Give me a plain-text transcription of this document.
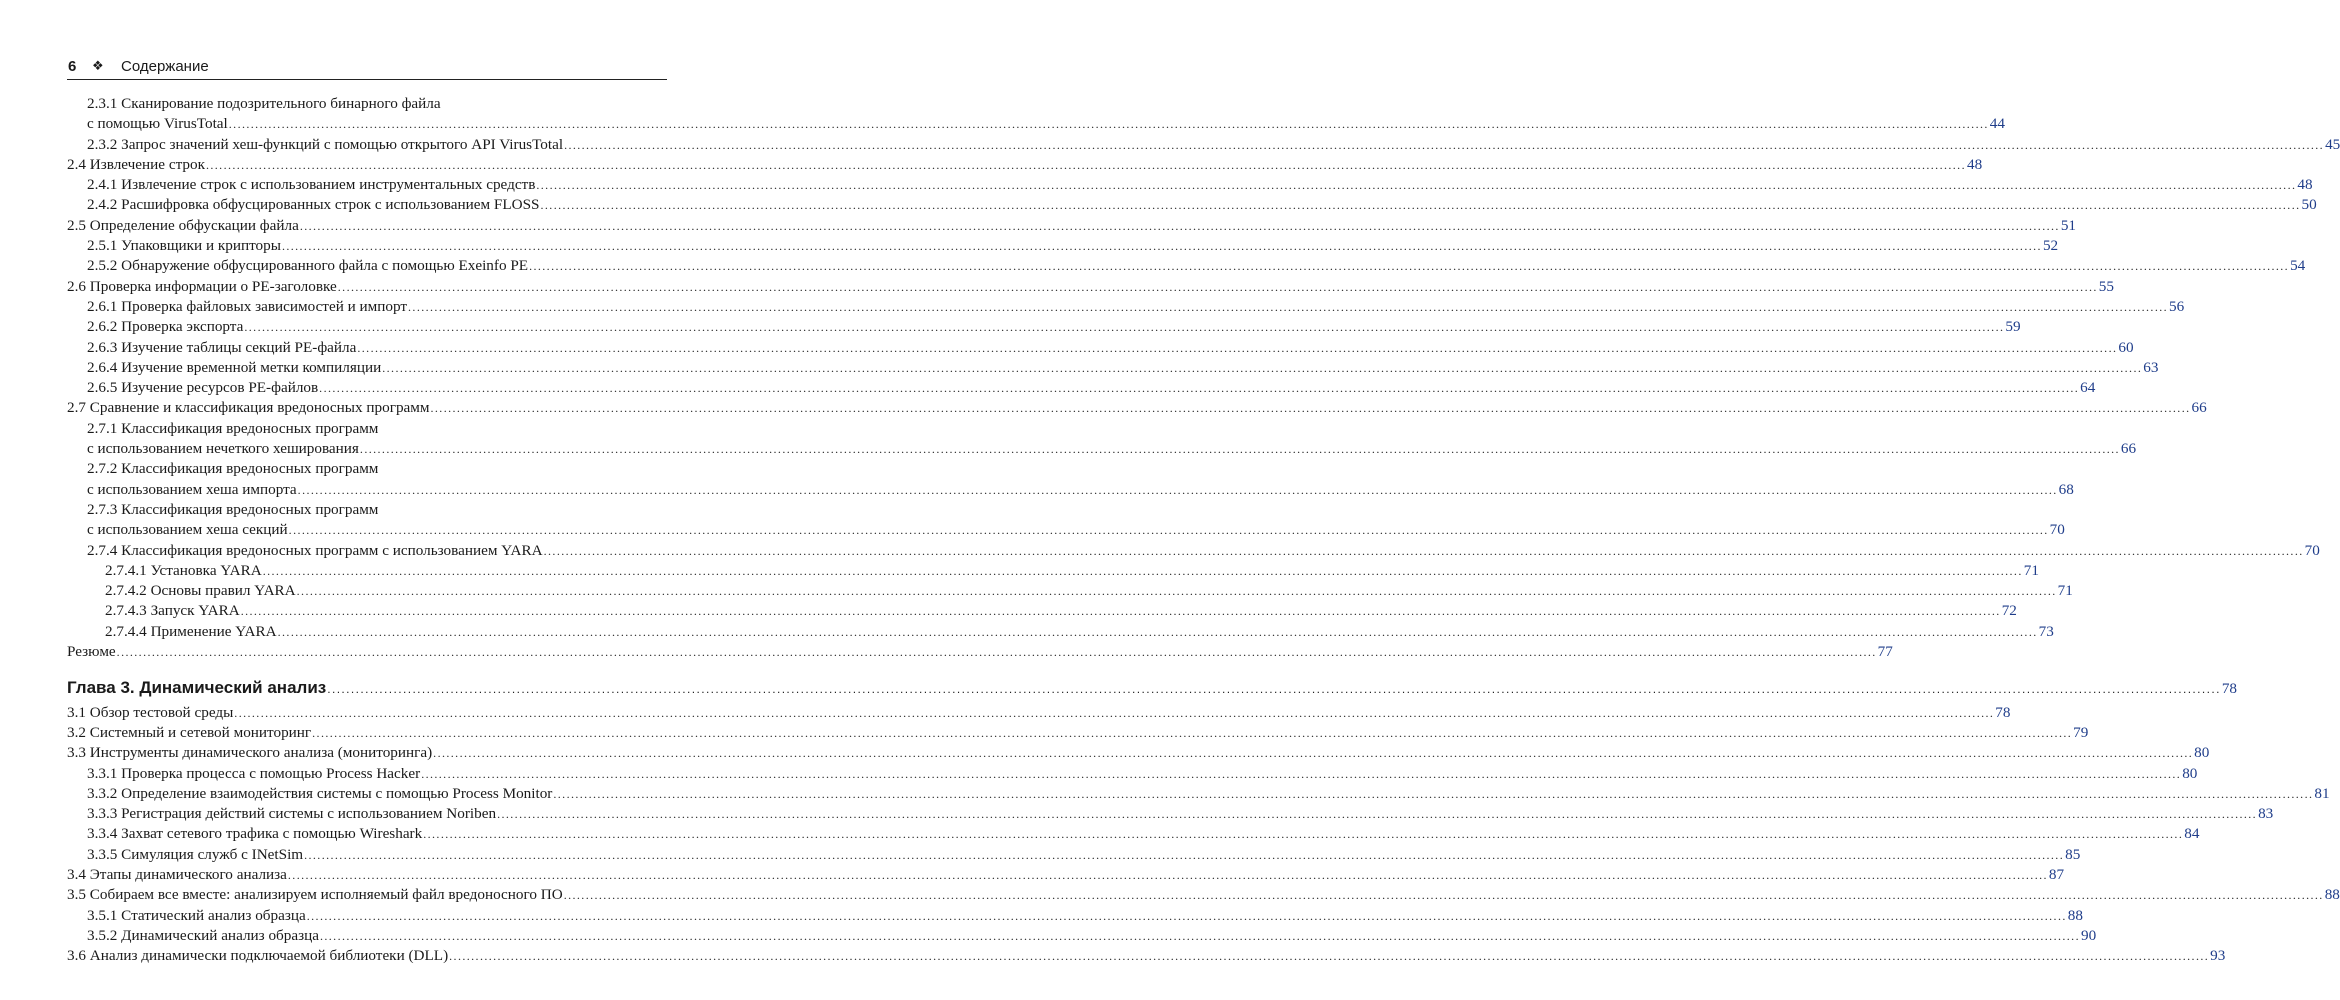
6 ❖ Содержание
2.3.1 Сканирование подозрительного бинарного файла
с помощью VirusTotal ................................................................................................................................................................................................................................................................................................................................................................................................................ 44
2.3.2 Запрос значений хеш-функций с помощью открытого API VirusTotal ................................................................................................................................................................................................................................................................................................................................................................................................................ 45
2.4 Извлечение строк ................................................................................................................................................................................................................................................................................................................................................................................................................ 48
2.4.1 Извлечение строк с использованием инструментальных средств ................................................................................................................................................................................................................................................................................................................................................................................................................ 48
2.4.2 Расшифровка обфусцированных строк с использованием FLOSS ................................................................................................................................................................................................................................................................................................................................................................................................................ 50
2.5 Определение обфускации файла ................................................................................................................................................................................................................................................................................................................................................................................................................ 51
2.5.1 Упаковщики и крипторы ................................................................................................................................................................................................................................................................................................................................................................................................................ 52
2.5.2 Обнаружение обфусцированного файла с помощью Exeinfo PE ................................................................................................................................................................................................................................................................................................................................................................................................................ 54
2.6 Проверка информации о PE-заголовке ................................................................................................................................................................................................................................................................................................................................................................................................................ 55
2.6.1 Проверка файловых зависимостей и импорт ................................................................................................................................................................................................................................................................................................................................................................................................................ 56
2.6.2 Проверка экспорта ................................................................................................................................................................................................................................................................................................................................................................................................................ 59
2.6.3 Изучение таблицы секций PE-файла ................................................................................................................................................................................................................................................................................................................................................................................................................ 60
2.6.4 Изучение временной метки компиляции ................................................................................................................................................................................................................................................................................................................................................................................................................ 63
2.6.5 Изучение ресурсов PE-файлов ................................................................................................................................................................................................................................................................................................................................................................................................................ 64
2.7 Сравнение и классификация вредоносных программ ................................................................................................................................................................................................................................................................................................................................................................................................................ 66
2.7.1 Классификация вредоносных программ
с использованием нечеткого хеширования ................................................................................................................................................................................................................................................................................................................................................................................................................ 66
2.7.2 Классификация вредоносных программ
с использованием хеша импорта ................................................................................................................................................................................................................................................................................................................................................................................................................ 68
2.7.3 Классификация вредоносных программ
с использованием хеша секций ................................................................................................................................................................................................................................................................................................................................................................................................................ 70
2.7.4 Классификация вредоносных программ с использованием YARA ................................................................................................................................................................................................................................................................................................................................................................................................................ 70
2.7.4.1 Установка YARA ................................................................................................................................................................................................................................................................................................................................................................................................................ 71
2.7.4.2 Основы правил YARA ................................................................................................................................................................................................................................................................................................................................................................................................................ 71
2.7.4.3 Запуск YARA ................................................................................................................................................................................................................................................................................................................................................................................................................ 72
2.7.4.4 Применение YARA ................................................................................................................................................................................................................................................................................................................................................................................................................ 73
Резюме ................................................................................................................................................................................................................................................................................................................................................................................................................ 77
Глава 3. Динамический анализ ................................................................................................................................................................................................................................................................................................................................................................................................................ 78
3.1 Обзор тестовой среды ................................................................................................................................................................................................................................................................................................................................................................................................................ 78
3.2 Системный и сетевой мониторинг ................................................................................................................................................................................................................................................................................................................................................................................................................ 79
3.3 Инструменты динамического анализа (мониторинга) ................................................................................................................................................................................................................................................................................................................................................................................................................ 80
3.3.1 Проверка процесса с помощью Process Hacker ................................................................................................................................................................................................................................................................................................................................................................................................................ 80
3.3.2 Определение взаимодействия системы с помощью Process Monitor ................................................................................................................................................................................................................................................................................................................................................................................................................ 81
3.3.3 Регистрация действий системы с использованием Noriben ................................................................................................................................................................................................................................................................................................................................................................................................................ 83
3.3.4 Захват сетевого трафика с помощью Wireshark ................................................................................................................................................................................................................................................................................................................................................................................................................ 84
3.3.5 Симуляция служб с INetSim ................................................................................................................................................................................................................................................................................................................................................................................................................ 85
3.4 Этапы динамического анализа ................................................................................................................................................................................................................................................................................................................................................................................................................ 87
3.5 Собираем все вместе: анализируем исполняемый файл вредоносного ПО ................................................................................................................................................................................................................................................................................................................................................................................................................ 88
3.5.1 Статический анализ образца ................................................................................................................................................................................................................................................................................................................................................................................................................ 88
3.5.2 Динамический анализ образца ................................................................................................................................................................................................................................................................................................................................................................................................................ 90
3.6 Анализ динамически подключаемой библиотеки (DLL) ................................................................................................................................................................................................................................................................................................................................................................................................................ 93
